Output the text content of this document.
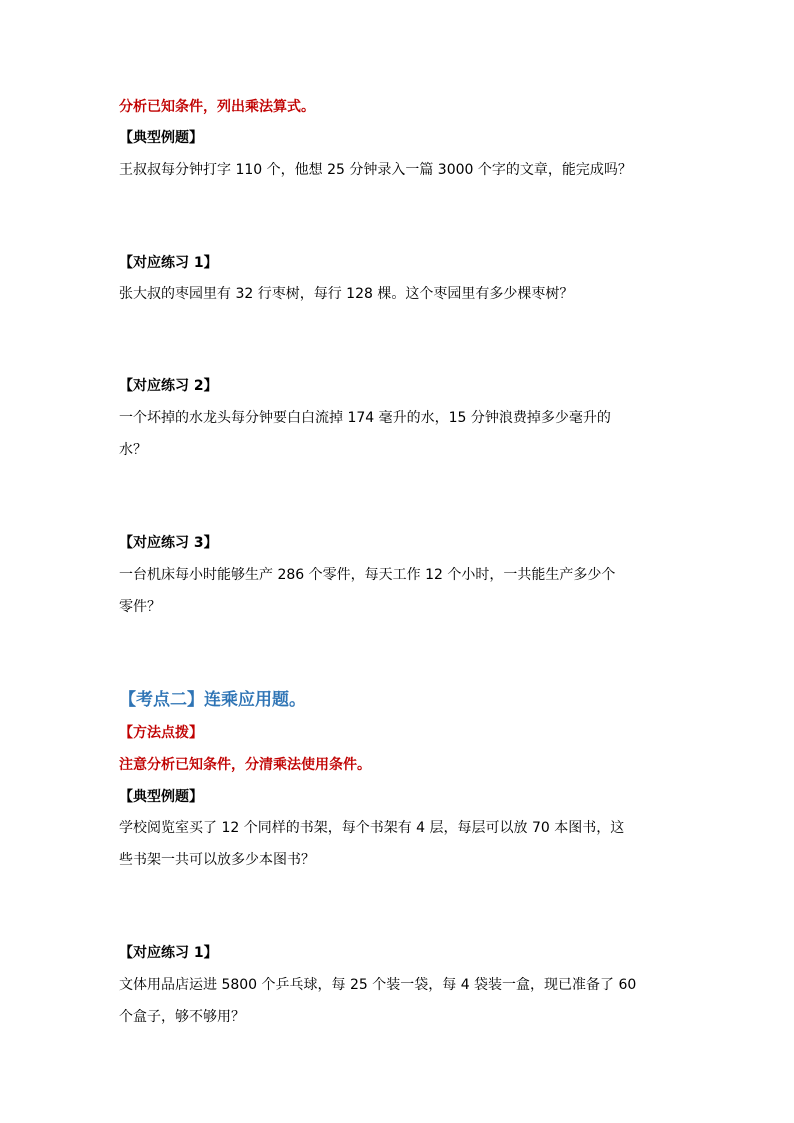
分析已知条件，列出乘法算式。
【典型例题】
王叔叔每分钟打字 110 个，他想 25 分钟录入一篇 3000 个字的文章，能完成吗？
【对应练习 1】
张大叔的枣园里有 32 行枣树，每行 128 棵。这个枣园里有多少棵枣树？
【对应练习 2】
一个坏掉的水龙头每分钟要白白流掉 174 毫升的水，15 分钟浪费掉多少毫升的
水？
【对应练习 3】
一台机床每小时能够生产 286 个零件，每天工作 12 个小时，一共能生产多少个
零件？
【考点二】连乘应用题。
【方法点拨】
注意分析已知条件，分清乘法使用条件。
【典型例题】
学校阅览室买了 12 个同样的书架，每个书架有 4 层，每层可以放 70 本图书，这
些书架一共可以放多少本图书？
【对应练习 1】
文体用品店运进 5800 个乒乓球，每 25 个装一袋，每 4 袋装一盒，现已准备了 60
个盒子，够不够用？
